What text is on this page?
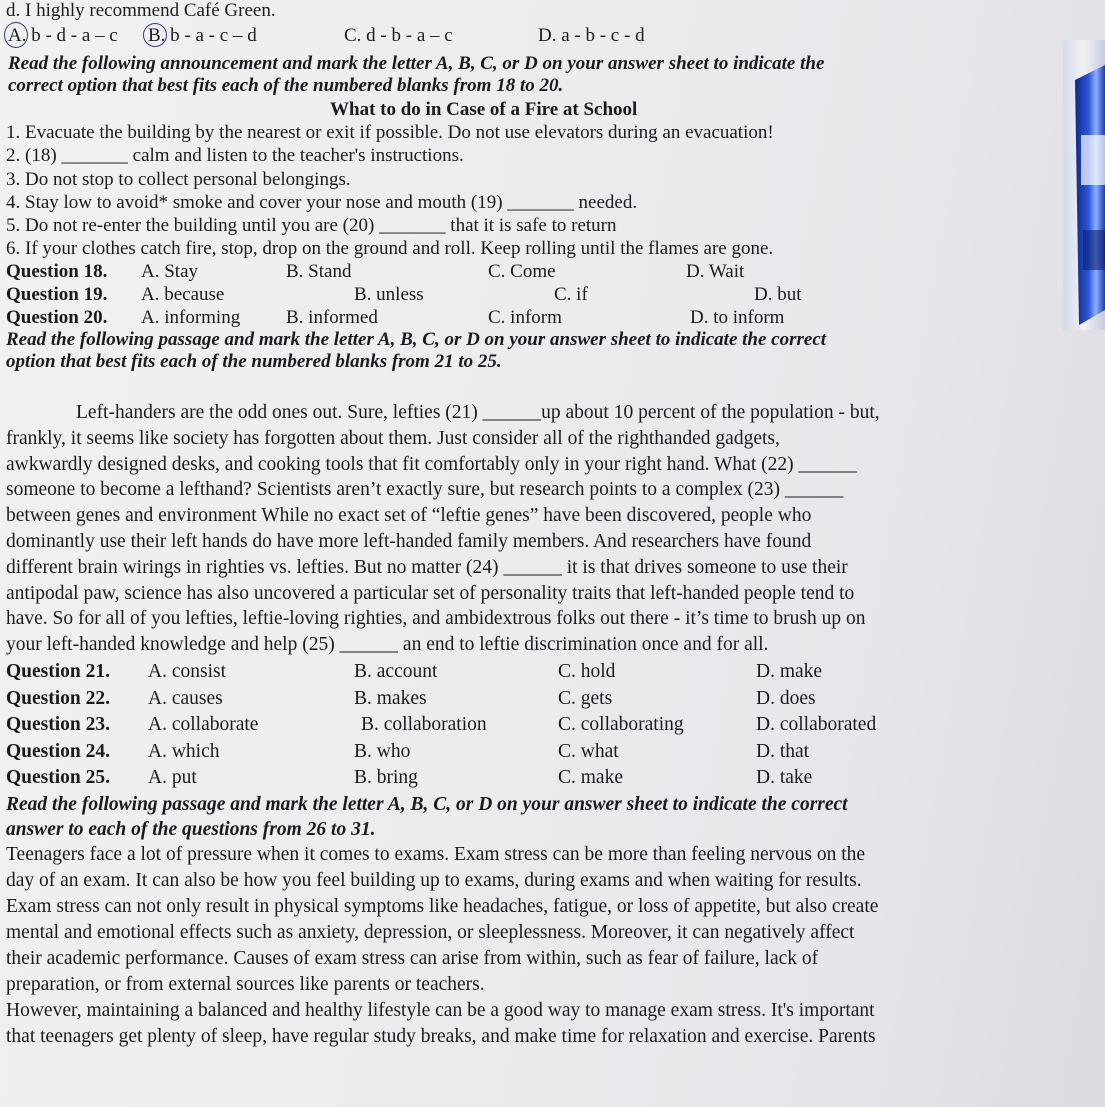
d. I highly recommend Café Green.
A. b - d - a – c B. b - a - c – d	C. d - b - a – c	D. a - b - c - d
Read the following announcement and mark the letter A, B, C, or D on your answer sheet to indicate the
correct option that best fits each of the numbered blanks from 18 to 20.
What to do in Case of a Fire at School
1. Evacuate the building by the nearest or exit if possible. Do not use elevators during an evacuation!
2. (18) _______ calm and listen to the teacher's instructions.
3. Do not stop to collect personal belongings.
4. Stay low to avoid* smoke and cover your nose and mouth (19) _______ needed.
5. Do not re-enter the building until you are (20) _______ that it is safe to return
6. If your clothes catch fire, stop, drop on the ground and roll. Keep rolling until the flames are gone.
Question 18. A. Stay	B. Stand	C. Come	D. Wait
Question 19. A. because	B. unless	C. if	D. but
Question 20. A. informing B. informed	C. inform	D. to inform
Read the following passage and mark the letter A, B, C, or D on your answer sheet to indicate the correct
option that best fits each of the numbered blanks from 21 to 25.
Left-handers are the odd ones out. Sure, lefties (21) ______up about 10 percent of the population - but,
frankly, it seems like society has forgotten about them. Just consider all of the righthanded gadgets,
awkwardly designed desks, and cooking tools that fit comfortably only in your right hand. What (22) ______
someone to become a lefthand? Scientists aren’t exactly sure, but research points to a complex (23) ______
between genes and environment While no exact set of “leftie genes” have been discovered, people who
dominantly use their left hands do have more left-handed family members. And researchers have found
different brain wirings in righties vs. lefties. But no matter (24) ______ it is that drives someone to use their
antipodal paw, science has also uncovered a particular set of personality traits that left-handed people tend to
have. So for all of you lefties, leftie-loving righties, and ambidextrous folks out there - it’s time to brush up on
your left-handed knowledge and help (25) ______ an end to leftie discrimination once and for all.
Question 21. A. consist	B. account	C. hold	D. make
Question 22. A. causes	B. makes	C. gets	D. does
Question 23. A. collaborate	B. collaboration	C. collaborating	D. collaborated
Question 24. A. which	B. who	C. what	D. that
Question 25. A. put	B. bring	C. make	D. take
Read the following passage and mark the letter A, B, C, or D on your answer sheet to indicate the correct
answer to each of the questions from 26 to 31.
Teenagers face a lot of pressure when it comes to exams. Exam stress can be more than feeling nervous on the
day of an exam. It can also be how you feel building up to exams, during exams and when waiting for results.
Exam stress can not only result in physical symptoms like headaches, fatigue, or loss of appetite, but also create
mental and emotional effects such as anxiety, depression, or sleeplessness. Moreover, it can negatively affect
their academic performance. Causes of exam stress can arise from within, such as fear of failure, lack of
preparation, or from external sources like parents or teachers.
However, maintaining a balanced and healthy lifestyle can be a good way to manage exam stress. It's important
that teenagers get plenty of sleep, have regular study breaks, and make time for relaxation and exercise. Parents
